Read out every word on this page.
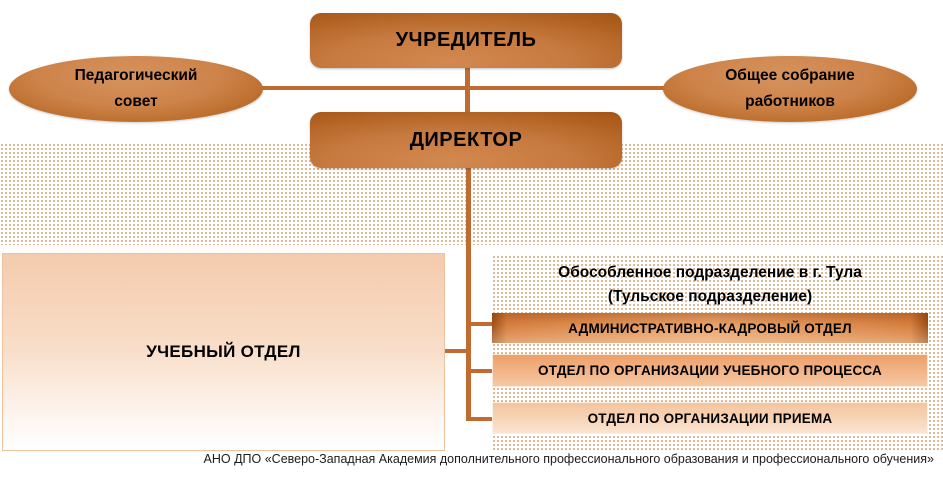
УЧРЕДИТЕЛЬ
ДИРЕКТОР
Педагогический
совет
Общее собрание
работников
УЧЕБНЫЙ ОТДЕЛ
Обособленное подразделение в г. Тула
(Тульское подразделение)
АДМИНИСТРАТИВНО-КАДРОВЫЙ ОТДЕЛ
ОТДЕЛ ПО ОРГАНИЗАЦИИ УЧЕБНОГО ПРОЦЕССА
ОТДЕЛ ПО ОРГАНИЗАЦИИ ПРИЕМА
АНО ДПО «Северо-Западная Академия дополнительного профессионального образования и профессионального обучения»
